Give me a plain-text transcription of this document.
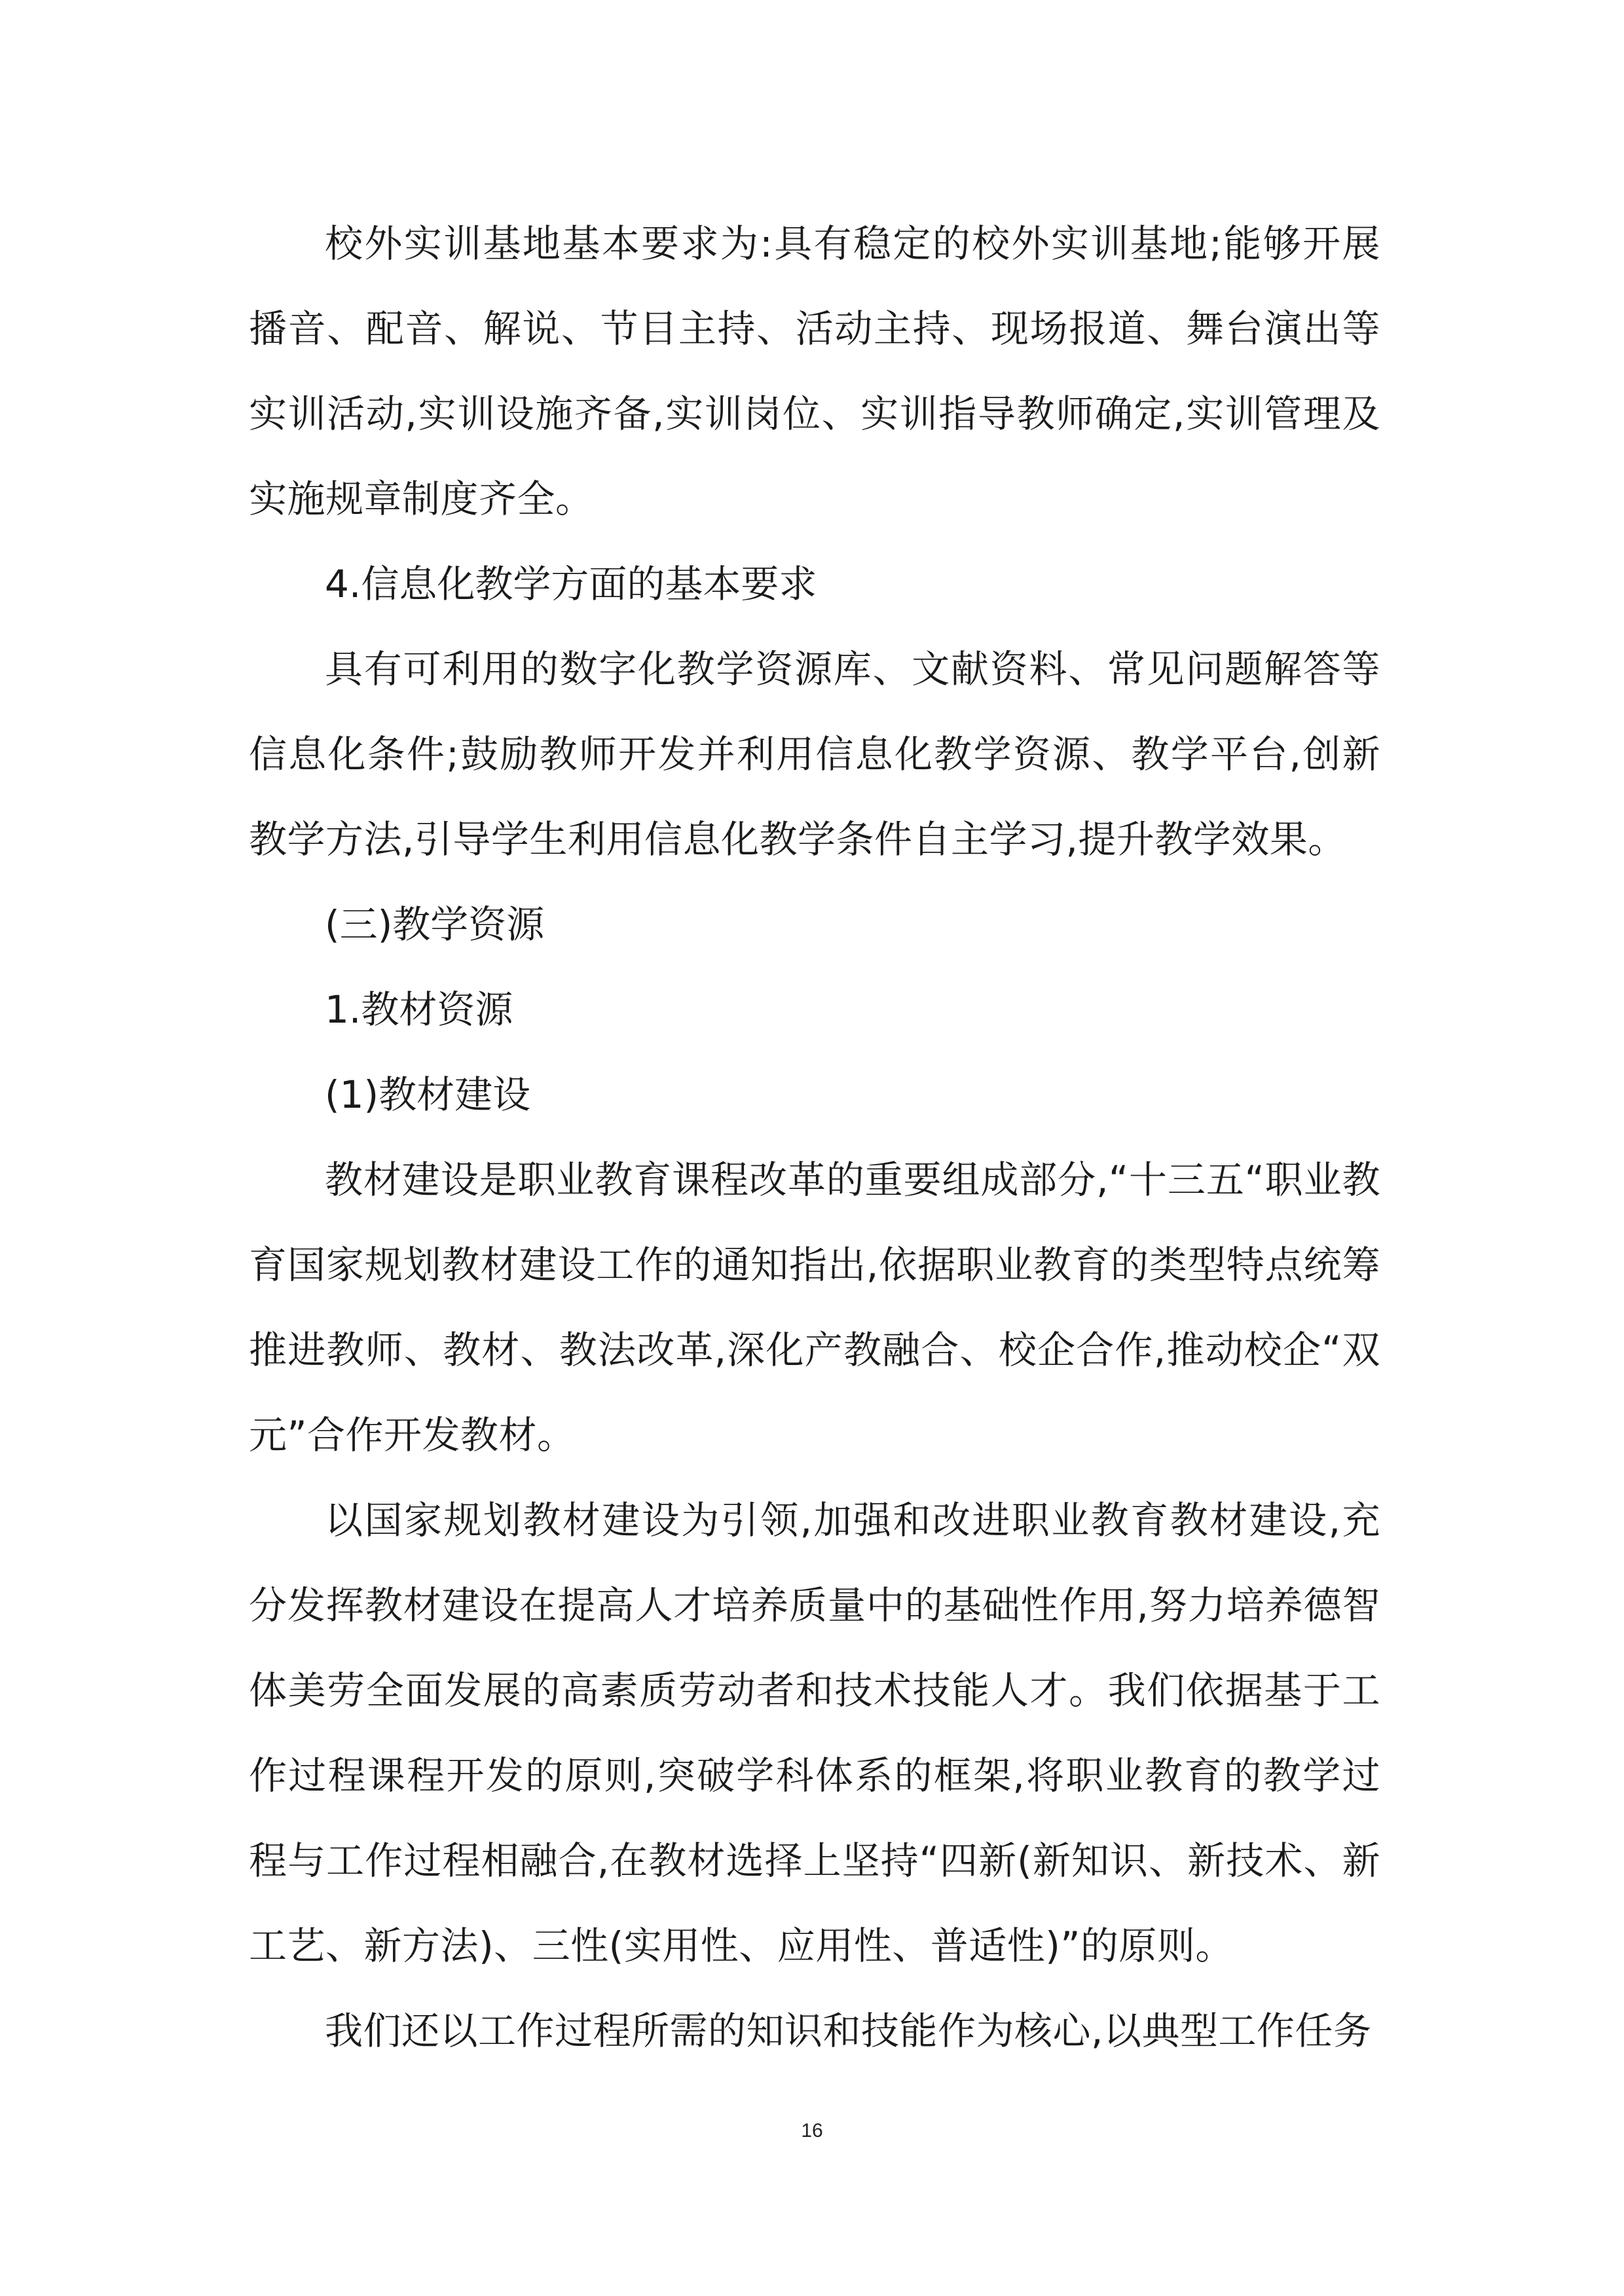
校外实训基地基本要求为:具有稳定的校外实训基地;能够开展播音、配音、解说、节目主持、活动主持、现场报道、舞台演出等实训活动,实训设施齐备,实训岗位、实训指导教师确定,实训管理及实施规章制度齐全。

4.信息化教学方面的基本要求

具有可利用的数字化教学资源库、文献资料、常见问题解答等信息化条件;鼓励教师开发并利用信息化教学资源、教学平台,创新教学方法,引导学生利用信息化教学条件自主学习,提升教学效果。

(三)教学资源

1.教材资源

(1)教材建设

教材建设是职业教育课程改革的重要组成部分,“十三五“职业教育国家规划教材建设工作的通知指出,依据职业教育的类型特点统筹推进教师、教材、教法改革,深化产教融合、校企合作,推动校企“双元”合作开发教材。

以国家规划教材建设为引领,加强和改进职业教育教材建设,充分发挥教材建设在提高人才培养质量中的基础性作用,努力培养德智体美劳全面发展的高素质劳动者和技术技能人才。我们依据基于工作过程课程开发的原则,突破学科体系的框架,将职业教育的教学过程与工作过程相融合,在教材选择上坚持“四新(新知识、新技术、新工艺、新方法)、三性(实用性、应用性、普适性)”的原则。

我们还以工作过程所需的知识和技能作为核心,以典型工作任务

16
